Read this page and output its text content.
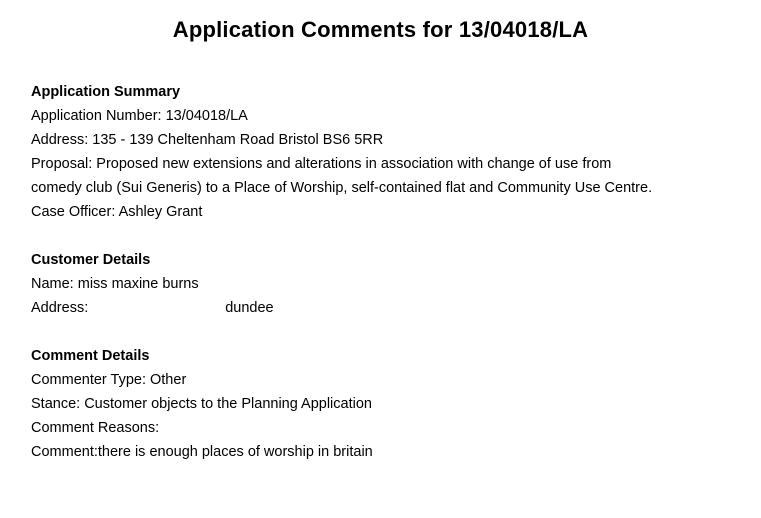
Application Comments for 13/04018/LA
Application Summary
Application Number: 13/04018/LA
Address: 135 - 139 Cheltenham Road Bristol BS6 5RR
Proposal: Proposed new extensions and alterations in association with change of use from
comedy club (Sui Generis) to a Place of Worship, self-contained flat and Community Use Centre.
Case Officer: Ashley Grant
Customer Details
Name: miss maxine burns
Address:	dundee
Comment Details
Commenter Type: Other
Stance: Customer objects to the Planning Application
Comment Reasons:
Comment:there is enough places of worship in britain
